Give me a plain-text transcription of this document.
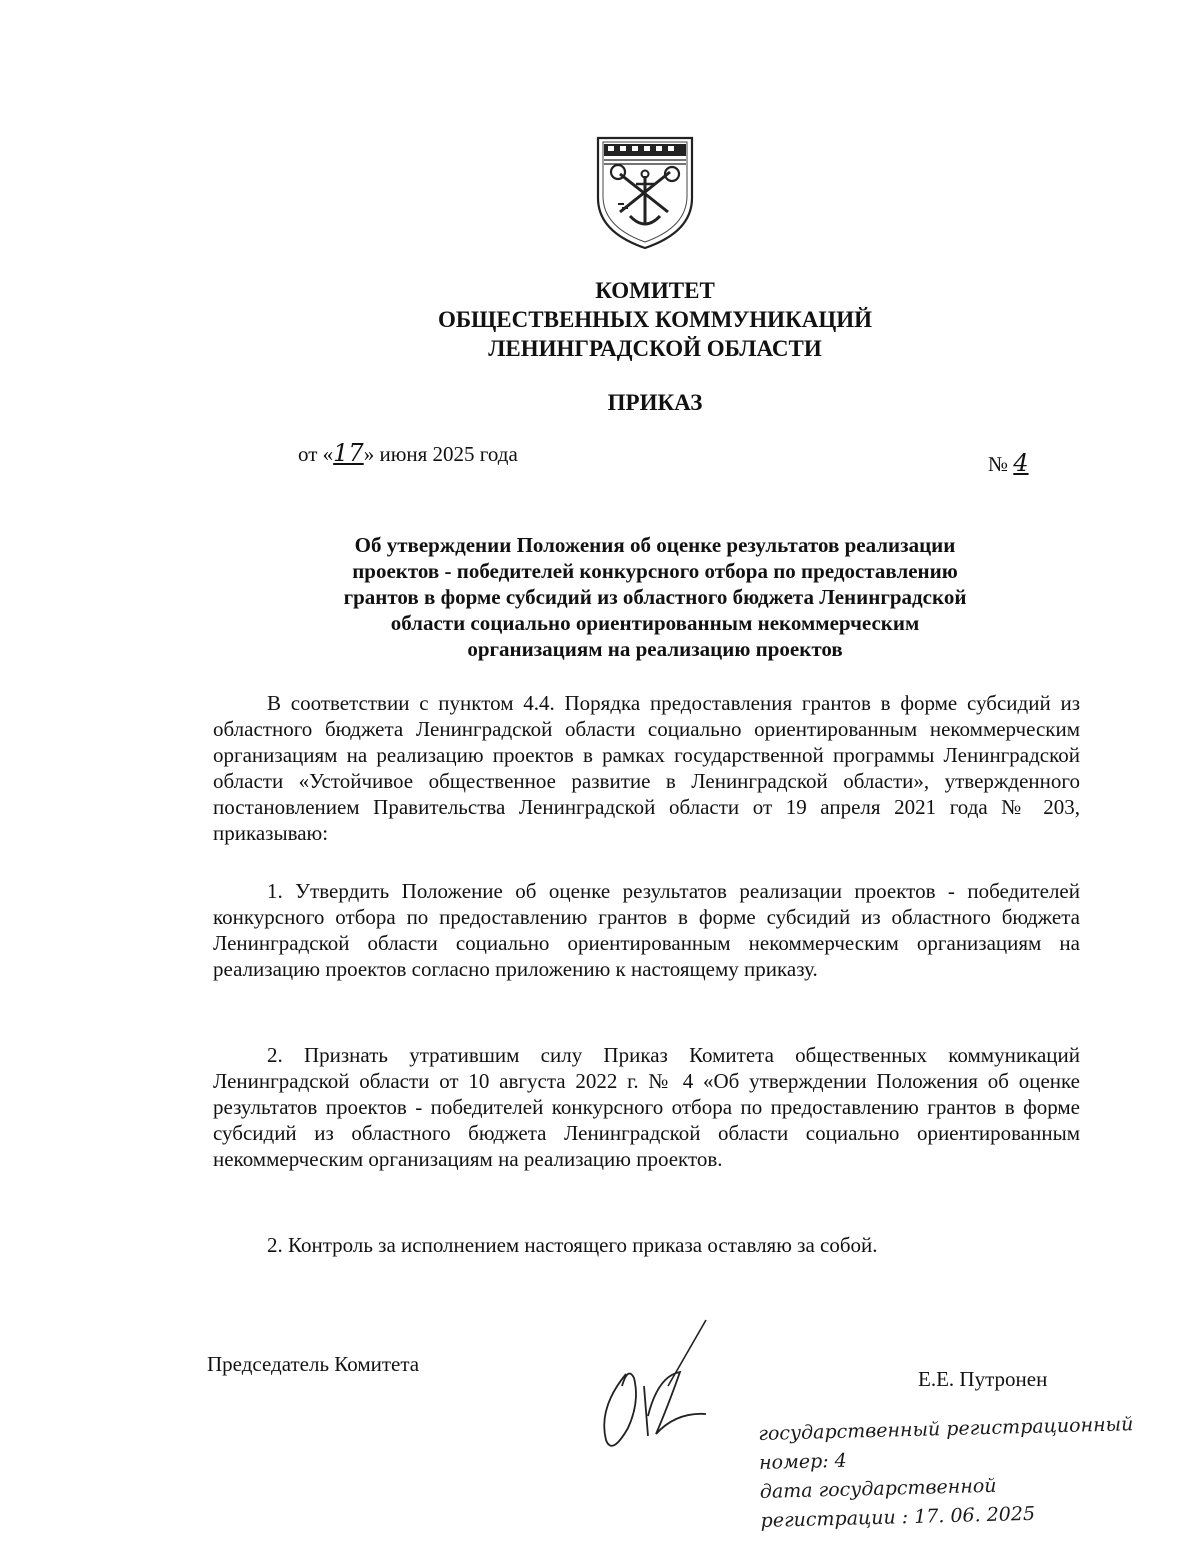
КОМИТЕТ
ОБЩЕСТВЕННЫХ КОММУНИКАЦИЙ
ЛЕНИНГРАДСКОЙ ОБЛАСТИ
ПРИКАЗ
от «17» июня 2025 года	№ 4
Об утверждении Положения об оценке результатов реализации
проектов - победителей конкурсного отбора по предоставлению
грантов в форме субсидий из областного бюджета Ленинградской
области социально ориентированным некоммерческим
организациям на реализацию проектов

В соответствии с пунктом 4.4. Порядка предоставления грантов в форме субсидий из областного бюджета Ленинградской области социально ориентированным некоммерческим организациям на реализацию проектов в рамках государственной программы Ленинградской области «Устойчивое общественное развитие в Ленинградской области», утвержденного постановлением Правительства Ленинградской области от 19 апреля 2021 года № 203, приказываю:

1. Утвердить Положение об оценке результатов реализации проектов - победителей конкурсного отбора по предоставлению грантов в форме субсидий из областного бюджета Ленинградской области социально ориентированным некоммерческим организациям на реализацию проектов согласно приложению к настоящему приказу.

2. Признать утратившим силу Приказ Комитета общественных коммуникаций Ленинградской области от 10 августа 2022 г. № 4 «Об утверждении Положения об оценке результатов проектов - победителей конкурсного отбора по предоставлению грантов в форме субсидий из областного бюджета Ленинградской области социально ориентированным некоммерческим организациям на реализацию проектов.

2. Контроль за исполнением настоящего приказа оставляю за собой.

Председатель Комитета
Е.Е. Путронен
государственный регистрационный
номер: 4
дата государственной
регистрации : 17. 06. 2025
